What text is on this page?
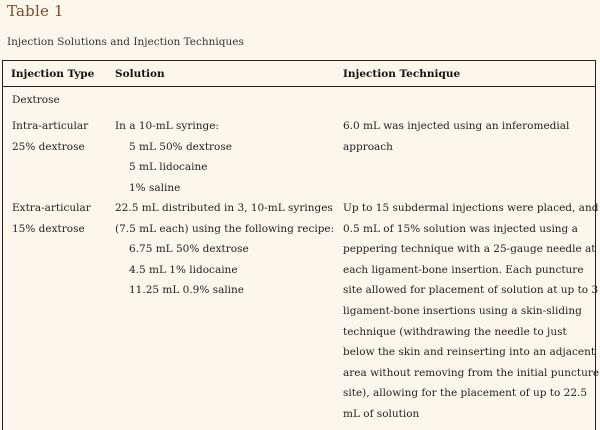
Table 1
Injection Solutions and Injection Techniques
Injection Type Solution	Injection Technique
Dextrose
Intra-articular
25% dextrose
In a 10-mL syringe:
5 mL 50% dextrose
5 mL lidocaine
1% saline
6.0 mL was injected using an inferomedial
approach
Extra-articular
15% dextrose
22.5 mL distributed in 3, 10-mL syringes
(7.5 mL each) using the following recipe:
6.75 mL 50% dextrose
4.5 mL 1% lidocaine
11.25 mL 0.9% saline
Up to 15 subdermal injections were placed, and
0.5 mL of 15% solution was injected using a
peppering technique with a 25-gauge needle at
each ligament-bone insertion. Each puncture
site allowed for placement of solution at up to 3
ligament-bone insertions using a skin-sliding
technique (withdrawing the needle to just
below the skin and reinserting into an adjacent
area without removing from the initial puncture
site), allowing for the placement of up to 22.5
mL of solution
